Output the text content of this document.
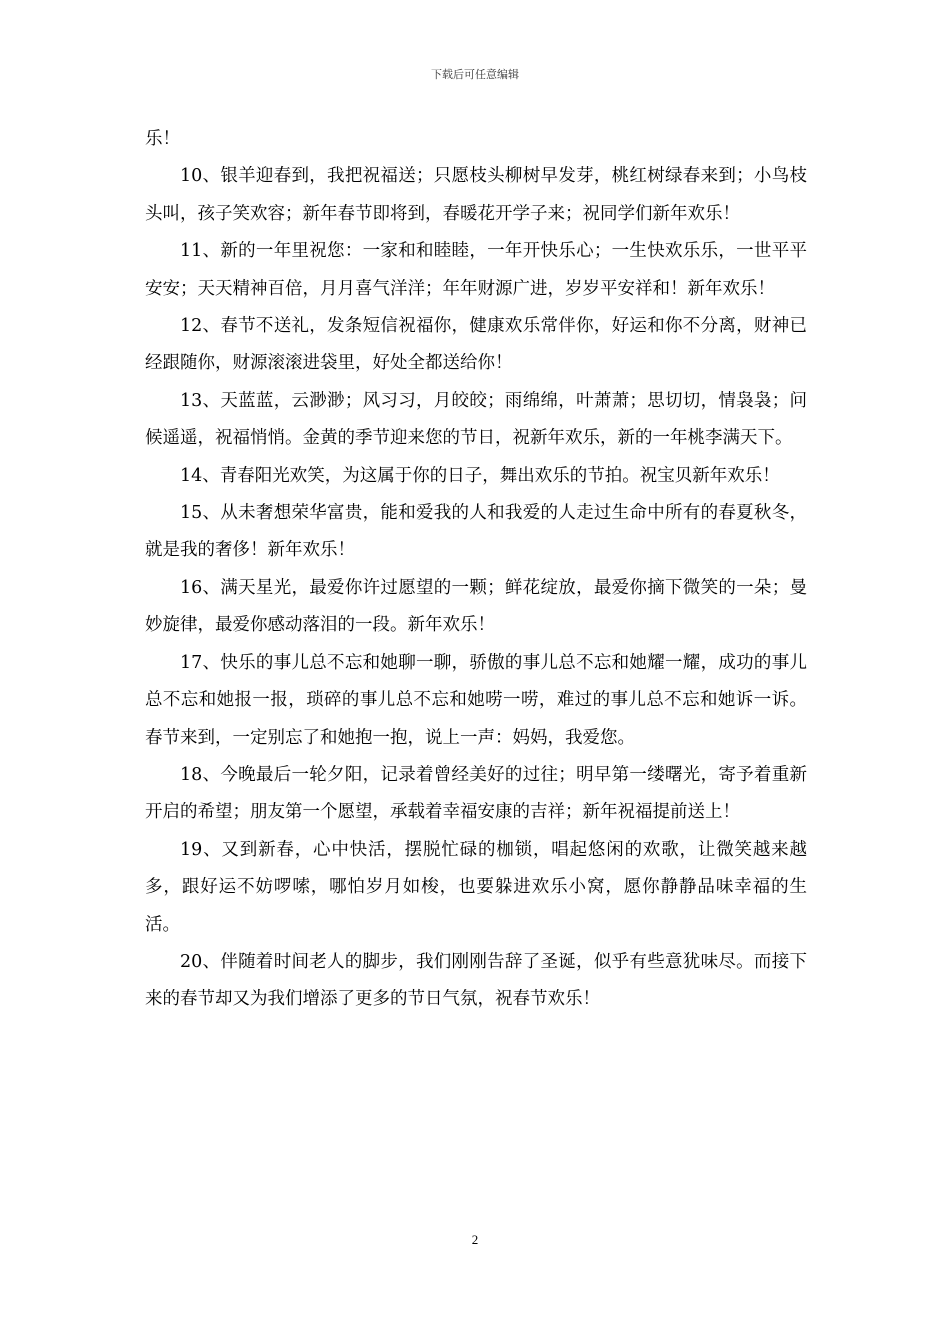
下载后可任意编辑

乐！

10、银羊迎春到，我把祝福送；只愿枝头柳树早发芽，桃红树绿春来到；小鸟枝头叫，孩子笑欢容；新年春节即将到，春暖花开学子来；祝同学们新年欢乐！

11、新的一年里祝您：一家和和睦睦，一年开快乐心；一生快欢乐乐，一世平平安安；天天精神百倍，月月喜气洋洋；年年财源广进，岁岁平安祥和！新年欢乐！

12、春节不送礼，发条短信祝福你，健康欢乐常伴你，好运和你不分离，财神已经跟随你，财源滚滚进袋里，好处全都送给你！

13、天蓝蓝，云渺渺；风习习，月皎皎；雨绵绵，叶萧萧；思切切，情袅袅；问候遥遥，祝福悄悄。金黄的季节迎来您的节日，祝新年欢乐，新的一年桃李满天下。

14、青春阳光欢笑，为这属于你的日子，舞出欢乐的节拍。祝宝贝新年欢乐！

15、从未奢想荣华富贵，能和爱我的人和我爱的人走过生命中所有的春夏秋冬，就是我的奢侈！新年欢乐！

16、满天星光，最爱你许过愿望的一颗；鲜花绽放，最爱你摘下微笑的一朵；曼妙旋律，最爱你感动落泪的一段。新年欢乐！

17、快乐的事儿总不忘和她聊一聊，骄傲的事儿总不忘和她耀一耀，成功的事儿总不忘和她报一报，琐碎的事儿总不忘和她唠一唠，难过的事儿总不忘和她诉一诉。春节来到，一定别忘了和她抱一抱，说上一声：妈妈，我爱您。

18、今晚最后一轮夕阳，记录着曾经美好的过往；明早第一缕曙光，寄予着重新开启的希望；朋友第一个愿望，承载着幸福安康的吉祥；新年祝福提前送上！

19、又到新春，心中快活，摆脱忙碌的枷锁，唱起悠闲的欢歌，让微笑越来越多，跟好运不妨啰嗦，哪怕岁月如梭，也要躲进欢乐小窝，愿你静静品味幸福的生活。

20、伴随着时间老人的脚步，我们刚刚告辞了圣诞，似乎有些意犹味尽。而接下来的春节却又为我们增添了更多的节日气氛，祝春节欢乐！

2
